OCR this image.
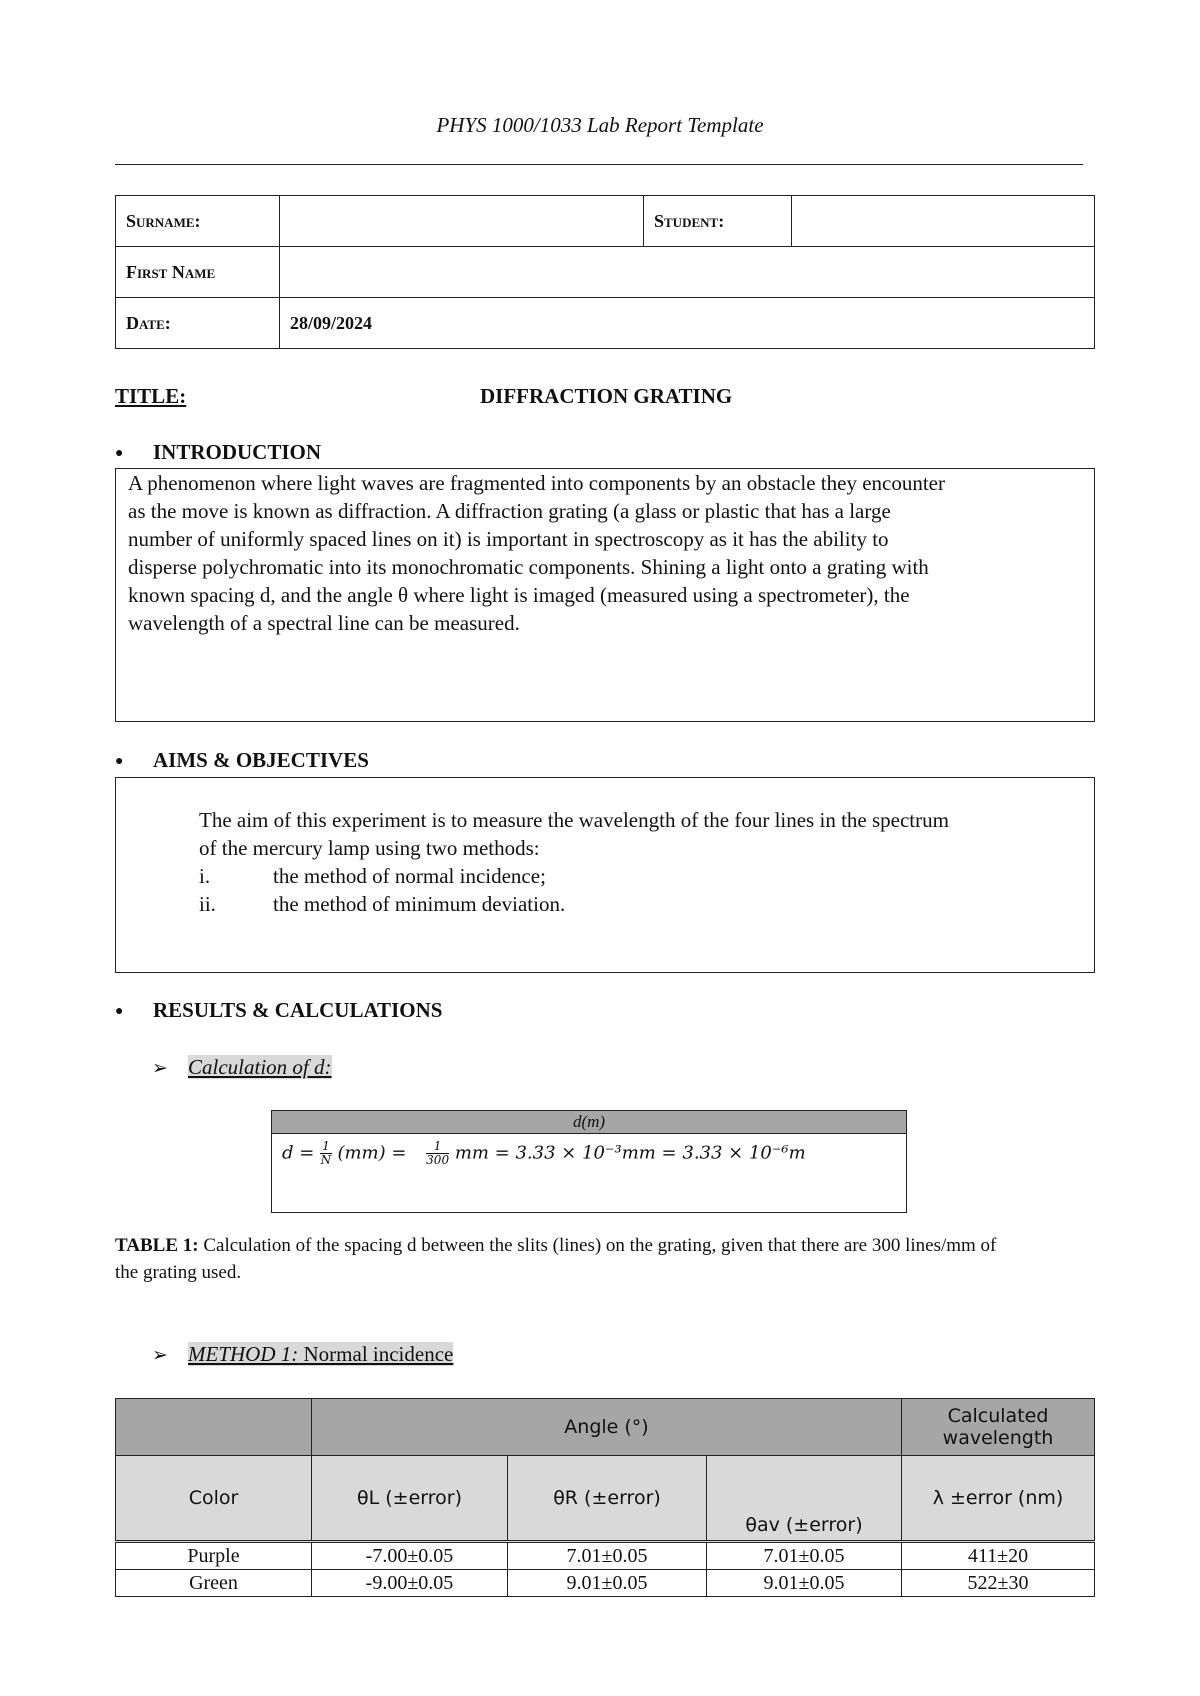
PHYS 1000/1033 Lab Report Template
Surname:		Student:	
First Name			
Date:	28/09/2024		
TITLE:	DIFFRACTION GRATING
● INTRODUCTION
A phenomenon where light waves are fragmented into components by an obstacle they encounter
as the move is known as diffraction. A diffraction grating (a glass or plastic that has a large
number of uniformly spaced lines on it) is important in spectroscopy as it has the ability to
disperse polychromatic into its monochromatic components. Shining a light onto a grating with
known spacing d, and the angle θ where light is imaged (measured using a spectrometer), the
wavelength of a spectral line can be measured.
● AIMS & OBJECTIVES
The aim of this experiment is to measure the wavelength of the four lines in the spectrum
of the mercury lamp using two methods:
i.	the method of normal incidence;
ii.	the method of minimum deviation.
● RESULTS & CALCULATIONS
➢ Calculation of d:
d(m)
$d = \frac{1}{N} (mm) = \frac{1}{300}$ mm = 3.33 × 10⁻³mm = 3.33 × 10⁻⁶m
TABLE 1: Calculation of the spacing d between the slits (lines) on the grating, given that there are 300 lines/mm of the grating used.
➢ METHOD 1: Normal incidence
	Angle (°)			Calculated wavelength
Color	θL (±error)	θR (±error)	θav (±error)	λ ±error (nm)
Purple	-7.00±0.05	7.01±0.05	7.01±0.05	411±20
Green	-9.00±0.05	9.01±0.05	9.01±0.05	522±30
